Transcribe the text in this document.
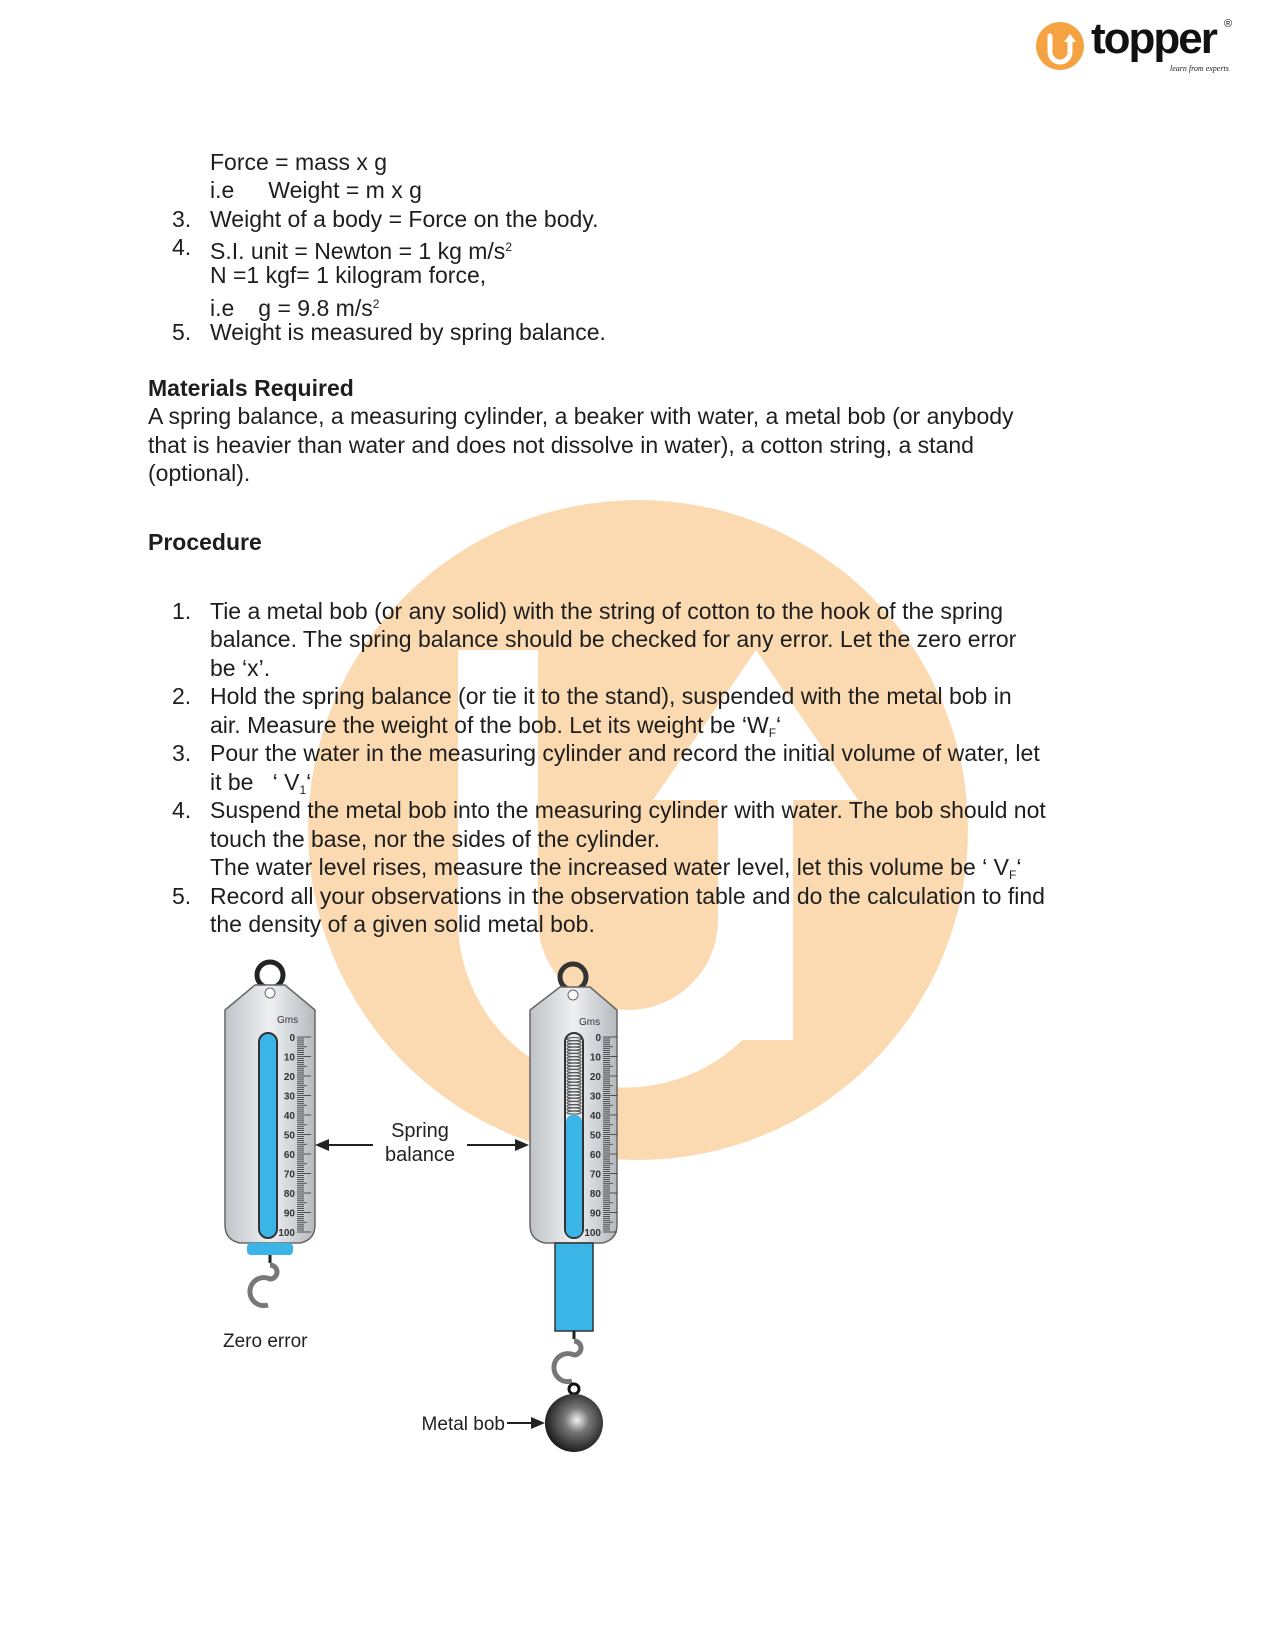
topper ®
learn from experts
Force = mass x g
i.e Weight = m x g
3. Weight of a body = Force on the body.
4. S.I. unit = Newton = 1 kg $m/s^2$
N =1 kgf= 1 kilogram force,
i.e g = 9.8 $m/s^2$
5. Weight is measured by spring balance.
Materials Required
A spring balance, a measuring cylinder, a beaker with water, a metal bob (or anybody
that is heavier than water and does not dissolve in water), a cotton string, a stand
(optional).
Procedure
1. Tie a metal bob (or any solid) with the string of cotton to the hook of the spring
balance. The spring balance should be checked for any error. Let the zero error
be ‘x’.
2. Hold the spring balance (or tie it to the stand), suspended with the metal bob in
air. Measure the weight of the bob. Let its weight be ‘$W_F‘$
3. Pour the water in the measuring cylinder and record the initial volume of water, let
it be   ‘ $V_1‘$
4. Suspend the metal bob into the measuring cylinder with water. The bob should not
touch the base, nor the sides of the cylinder.
The water level rises, measure the increased water level, let this volume be ‘ $V_F‘$
5. Record all your observations in the observation table and do the calculation to find
the density of a given solid metal bob.
0
10
20
30
40
50
60
70
80
90
100
Gms
0
10
20
30
40
50
60
70
80
90
100
Gms
Spring
balance
Zero error
Metal bob
